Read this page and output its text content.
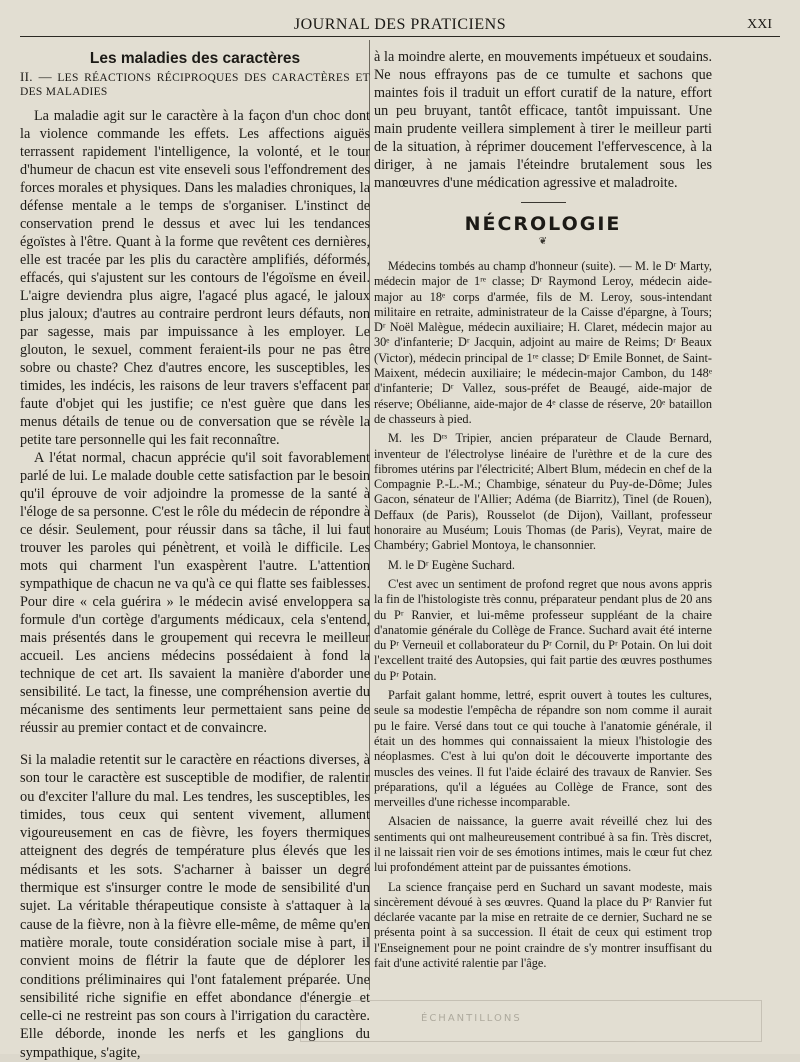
JOURNAL DES PRATICIENS	XXI
Les maladies des caractères
II. — LES RÉACTIONS RÉCIPROQUES DES CARACTÈRES ET DES MALADIES

La maladie agit sur le caractère à la façon d'un choc dont la violence commande les effets. Les affections aiguës terrassent rapidement l'intelligence, la volonté, et le tour d'humeur de chacun est vite enseveli sous l'effondrement des forces morales et physiques. Dans les maladies chroniques, la défense mentale a le temps de s'organiser. L'instinct de conservation prend le dessus et avec lui les tendances égoïstes à l'être. Quant à la forme que revêtent ces dernières, elle est tracée par les plis du caractère amplifiés, déformés, effacés, qui s'ajustent sur les contours de l'égoïsme en éveil. L'aigre deviendra plus aigre, l'agacé plus agacé, le jaloux plus jaloux; d'autres au contraire perdront leurs défauts, non par sagesse, mais par impuissance à les employer. Le glouton, le sexuel, comment feraient-ils pour ne pas être sobre ou chaste? Chez d'autres encore, les susceptibles, les timides, les indécis, les raisons de leur travers s'effacent par faute d'objet qui les justifie; ce n'est guère que dans les menus détails de tenue ou de conversation que se révèle la petite tare personnelle qui les fait reconnaître.

A l'état normal, chacun apprécie qu'il soit favorablement parlé de lui. Le malade double cette satisfaction par le besoin qu'il éprouve de voir adjoindre la promesse de la santé à l'éloge de sa personne. C'est le rôle du médecin de répondre à ce désir. Seulement, pour réussir dans sa tâche, il lui faut trouver les paroles qui pénètrent, et voilà le difficile. Les mots qui charment l'un exaspèrent l'autre. L'attention sympathique de chacun ne va qu'à ce qui flatte ses faiblesses. Pour dire « cela guérira » le médecin avisé enveloppera sa formule d'un cortège d'arguments médicaux, cela s'entend, mais présentés dans le groupement qui recevra le meilleur accueil. Les anciens médecins possédaient à fond la technique de cet art. Ils savaient la manière d'aborder une sensibilité. Le tact, la finesse, une compréhension avertie du mécanisme des sentiments leur permettaient sans peine de réussir au premier contact et de convaincre.

Si la maladie retentit sur le caractère en réactions diverses, à son tour le caractère est susceptible de modifier, de ralentir ou d'exciter l'allure du mal. Les tendres, les susceptibles, les timides, tous ceux qui sentent vivement, allument vigoureusement en cas de fièvre, les foyers thermiques atteignent des degrés de température plus élevés que les médisants et les sots. S'acharner à baisser un degré thermique est s'insurger contre le mode de sensibilité d'un sujet. La véritable thérapeutique consiste à s'attaquer à la cause de la fièvre, non à la fièvre elle-même, de même qu'en matière morale, toute considération sociale mise à part, il convient moins de flétrir la faute que de déplorer les conditions préliminaires qui l'ont fatalement préparée. Une sensibilité riche signifie en effet abondance d'énergie et celle-ci ne restreint pas son cours à l'irrigation du caractère. Elle déborde, inonde les nerfs et les ganglions du sympathique, s'agite,

à la moindre alerte, en mouvements impétueux et soudains. Ne nous effrayons pas de ce tumulte et sachons que maintes fois il traduit un effort curatif de la nature, effort un peu bruyant, tantôt efficace, tantôt impuissant. Une main prudente veillera simplement à tirer le meilleur parti de la situation, à réprimer doucement l'effervescence, à la diriger, à ne jamais l'éteindre brutalement sous les manœuvres d'une médication agressive et maladroite.

NÉCROLOGIE
❦

Médecins tombés au champ d'honneur (suite). — M. le Dʳ Marty, médecin major de 1ʳᵉ classe; Dʳ Raymond Leroy, médecin aide-major au 18ᵉ corps d'armée, fils de M. Leroy, sous-intendant militaire en retraite, administrateur de la Caisse d'épargne, à Tours; Dʳ Noël Malègue, médecin auxiliaire; H. Claret, médecin major au 30ᵉ d'infanterie; Dʳ Jacquin, adjoint au maire de Reims; Dʳ Beaux (Victor), médecin principal de 1ʳᵉ classe; Dʳ Emile Bonnet, de Saint-Maixent, médecin auxiliaire; le médecin-major Cambon, du 148ᵉ d'infanterie; Dʳ Vallez, sous-préfet de Beaugé, aide-major de réserve; Obélianne, aide-major de 4ᵉ classe de réserve, 20ᵉ bataillon de chasseurs à pied.

M. les Dʳˢ Tripier, ancien préparateur de Claude Bernard, inventeur de l'électrolyse linéaire de l'urèthre et de la cure des fibromes utérins par l'électricité; Albert Blum, médecin en chef de la Compagnie P.-L.-M.; Chambige, sénateur du Puy-de-Dôme; Jules Gacon, sénateur de l'Allier; Adéma (de Biarritz), Tinel (de Rouen), Deffaux (de Paris), Rousselot (de Dijon), Vaillant, professeur honoraire au Muséum; Louis Thomas (de Paris), Veyrat, maire de Chambéry; Gabriel Montoya, le chansonnier.

M. le Dʳ Eugène Suchard.

C'est avec un sentiment de profond regret que nous avons appris la fin de l'histologiste très connu, préparateur pendant plus de 20 ans du Pʳ Ranvier, et lui-même professeur suppléant de la chaire d'anatomie générale du Collège de France. Suchard avait été interne du Pʳ Verneuil et collaborateur du Pʳ Cornil, du Pʳ Potain. On lui doit l'excellent traité des Autopsies, qui fait partie des œuvres posthumes du Pʳ Potain.

Parfait galant homme, lettré, esprit ouvert à toutes les cultures, seule sa modestie l'empêcha de répandre son nom comme il aurait pu le faire. Versé dans tout ce qui touche à l'anatomie générale, il était un des hommes qui connaissaient la mieux l'histologie des néoplasmes. C'est à lui qu'on doit le découverte importante des muscles des veines. Il fut l'aide éclairé des travaux de Ranvier. Ses préparations, qu'il a léguées au Collège de France, sont des merveilles d'une richesse incomparable.

Alsacien de naissance, la guerre avait réveillé chez lui des sentiments qui ont malheureusement contribué à sa fin. Très discret, il ne laissait rien voir de ses émotions intimes, mais le cœur fut chez lui profondément atteint par de puissantes émotions.

La science française perd en Suchard un savant modeste, mais sincèrement dévoué à ses œuvres. Quand la place du Pʳ Ranvier fut déclarée vacante par la mise en retraite de ce dernier, Suchard ne se présenta point à sa succession. Il était de ceux qui estiment trop l'Enseignement pour ne point craindre de s'y montrer insuffisant du fait d'une activité ralentie par l'âge.

ÉCHANTILLONS
